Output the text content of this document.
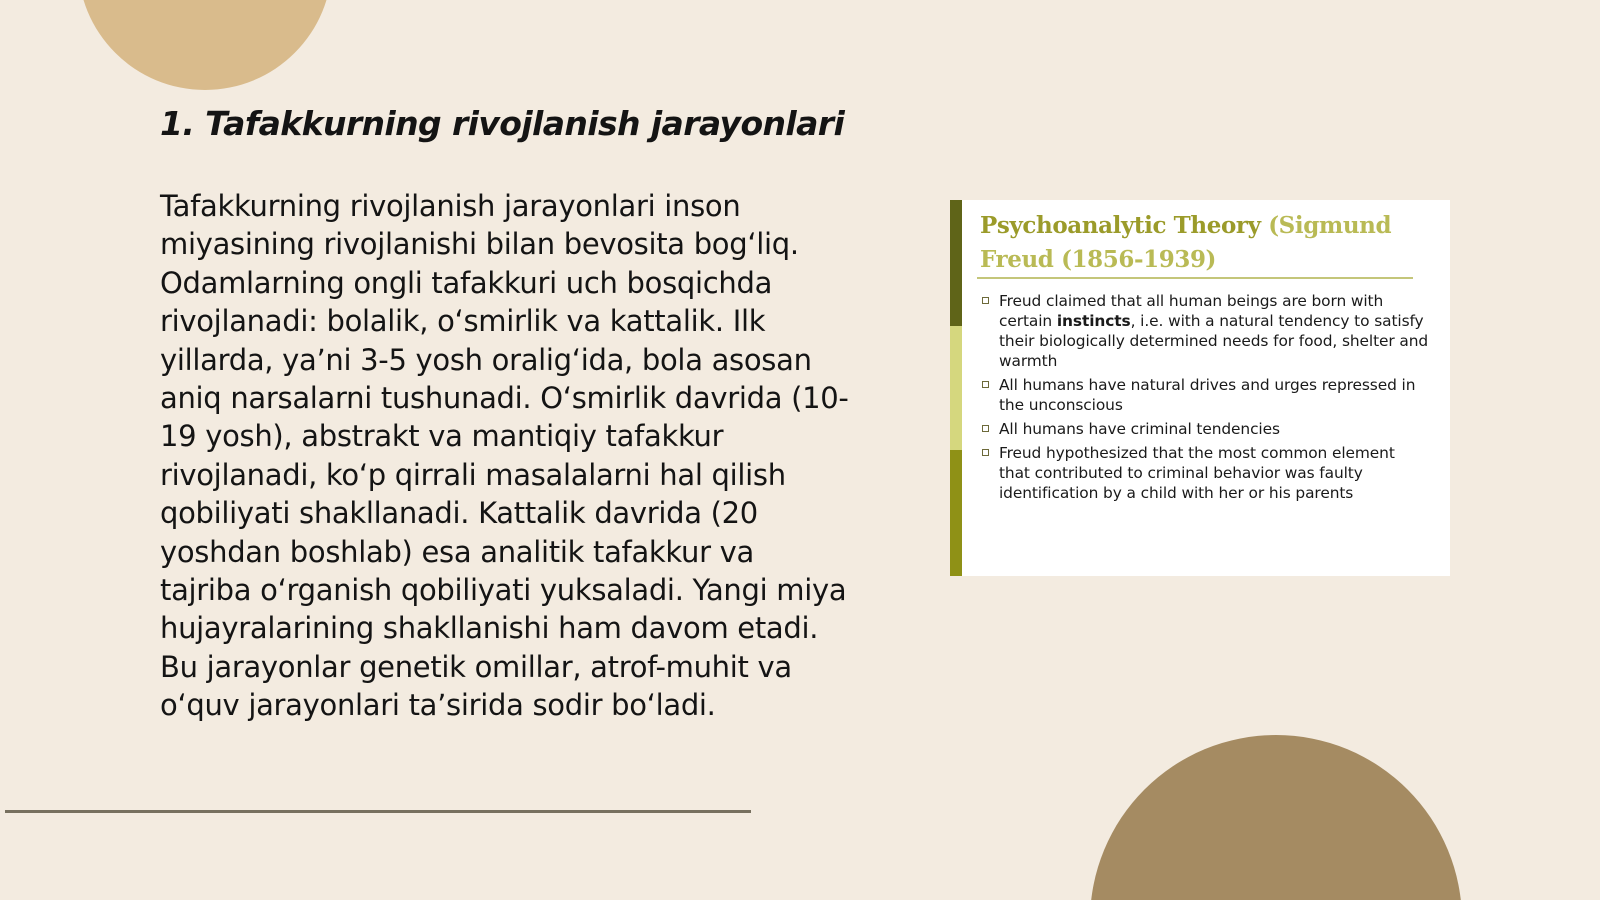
1. Tafakkurning rivojlanish jarayonlari

Tafakkurning rivojlanish jarayonlari inson miyasining rivojlanishi bilan bevosita bog‘liq. Odamlarning ongli tafakkuri uch bosqichda rivojlanadi: bolalik, o‘smirlik va kattalik. Ilk yillarda, ya’ni 3-5 yosh oralig‘ida, bola asosan aniq narsalarni tushunadi. O‘smirlik davrida (10-19 yosh), abstrakt va mantiqiy tafakkur rivojlanadi, ko‘p qirrali masalalarni hal qilish qobiliyati shakllanadi. Kattalik davrida (20 yoshdan boshlab) esa analitik tafakkur va tajriba o‘rganish qobiliyati yuksaladi. Yangi miya hujayralarining shakllanishi ham davom etadi. Bu jarayonlar genetik omillar, atrof-muhit va o‘quv jarayonlari ta’sirida sodir bo‘ladi.

Psychoanalytic Theory (Sigmund Freud (1856-1939)
Freud claimed that all human beings are born with certain instincts, i.e. with a natural tendency to satisfy their biologically determined needs for food, shelter and warmth
All humans have natural drives and urges repressed in the unconscious
All humans have criminal tendencies
Freud hypothesized that the most common element that contributed to criminal behavior was faulty identification by a child with her or his parents
